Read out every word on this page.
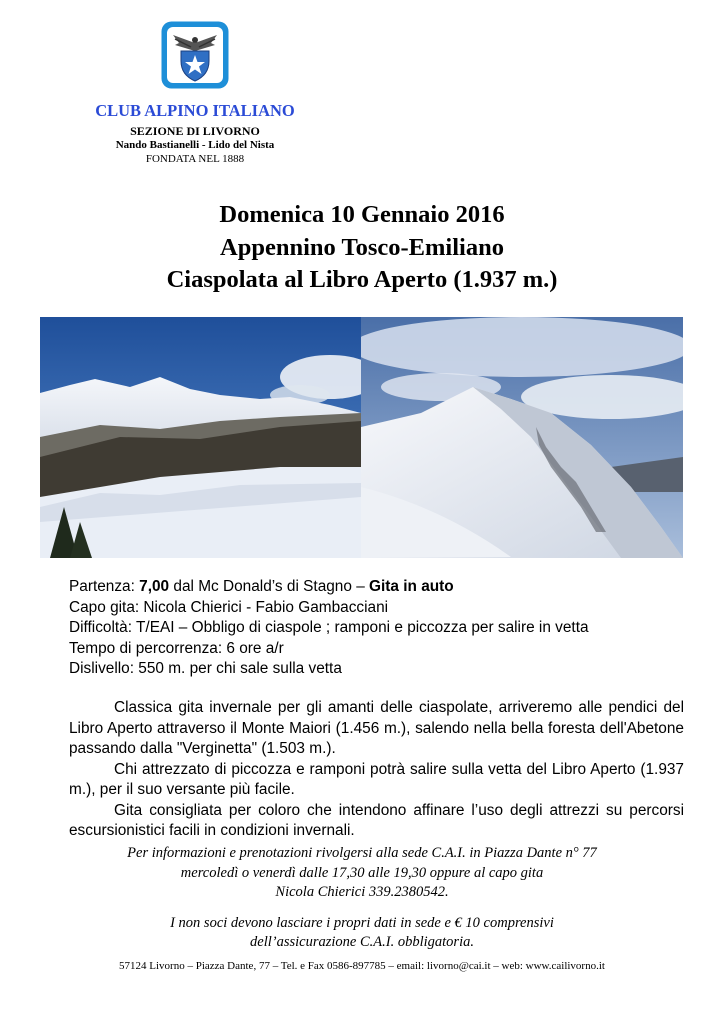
CLUB ALPINO ITALIANO
SEZIONE DI LIVORNO
Nando Bastianelli - Lido del Nista
FONDATA NEL 1888
Domenica 10 Gennaio 2016
Appennino Tosco-Emiliano
Ciaspolata al Libro Aperto (1.937 m.)
Partenza: 7,00 dal Mc Donald’s di Stagno – Gita in auto
Capo gita: Nicola Chierici - Fabio Gambacciani
Difficoltà: T/EAI – Obbligo di ciaspole ; ramponi e piccozza per salire in vetta
Tempo di percorrenza: 6 ore a/r
Dislivello: 550 m. per chi sale sulla vetta

Classica gita invernale per gli amanti delle ciaspolate, arriveremo alle pendici del Libro Aperto attraverso il Monte Maiori (1.456 m.), salendo nella bella foresta dell'Abetone passando dalla "Verginetta" (1.503 m.).

Chi attrezzato di piccozza e ramponi potrà salire sulla vetta del Libro Aperto (1.937 m.), per il suo versante più facile.

Gita consigliata per coloro che intendono affinare l’uso degli attrezzi su percorsi escursionistici facili in condizioni invernali.

Per informazioni e prenotazioni rivolgersi alla sede C.A.I. in Piazza Dante n° 77
mercoledì o venerdì dalle 17,30 alle 19,30 oppure al capo gita
Nicola Chierici 339.2380542.
I non soci devono lasciare i propri dati in sede e € 10 comprensivi
dell’assicurazione C.A.I. obbligatoria.
57124 Livorno – Piazza Dante, 77 – Tel. e Fax 0586-897785 – email: livorno@cai.it – web: www.cailivorno.it
